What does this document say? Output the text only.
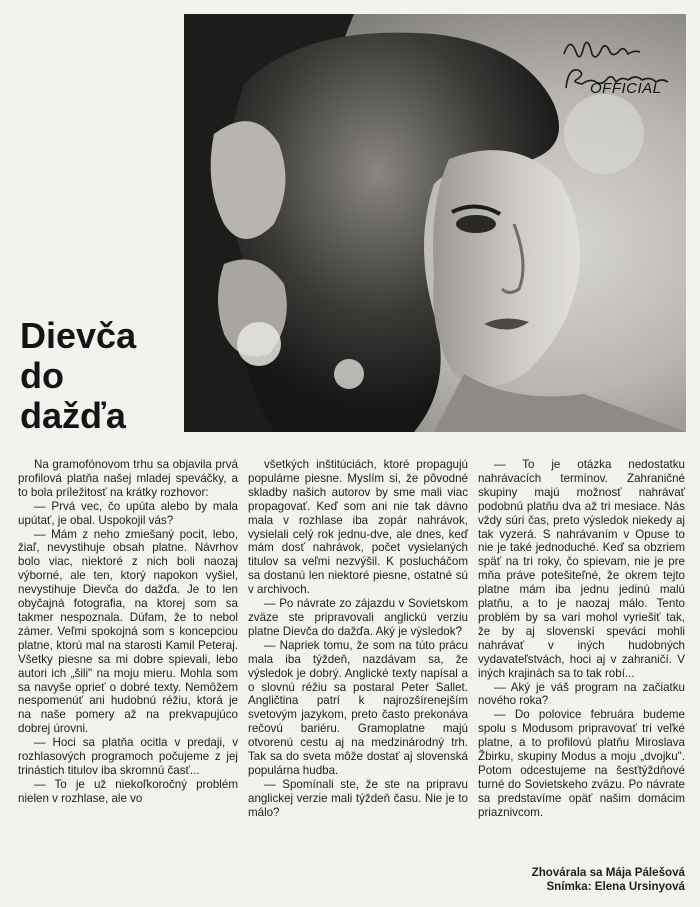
OFFICIAL
Dievča
do
dažďa

Na gramofónovom trhu sa objavila prvá profilová platňa našej mladej speváčky, a to bola príležitosť na krátky rozhovor:

— Prvá vec, čo upúta alebo by mala upútať, je obal. Uspokojil vás?

— Mám z neho zmiešaný pocit, lebo, žiaľ, nevystihuje obsah platne. Návrhov bolo viac, niektoré z nich boli naozaj výborné, ale ten, ktorý napokon vyšiel, nevystihuje Dievča do dažďa. Je to len obyčajná fotografia, na ktorej som sa takmer nespoznala. Dúfam, že to nebol zámer. Veľmi spokojná som s koncepciou platne, ktorú mal na starosti Kamil Peteraj. Všetky piesne sa mi dobre spievali, lebo autori ich „šili" na moju mieru. Mohla som sa navyše oprieť o dobré texty. Nemôžem nespomenúť ani hudobnú réžiu, ktorá je na naše pomery až na prekvapujúco dobrej úrovni.

— Hoci sa platňa ocitla v predaji, v rozhlasových programoch počujeme z jej trinástich titulov iba skromnú časť...

— To je už niekoľkoročný problém nielen v rozhlase, ale vo

všetkých inštitúciách, ktoré propagujú populárne piesne. Myslím si, že pôvodné skladby našich autorov by sme mali viac propagovať. Keď som ani nie tak dávno mala v rozhlase iba zopár nahrávok, vysielali celý rok jednu-dve, ale dnes, keď mám dosť nahrávok, počet vysielaných titulov sa veľmi nezvýšil. K poslucháčom sa dostanú len niektoré piesne, ostatné sú v archivoch.

— Po návrate zo zájazdu v Sovietskom zväze ste pripravovali anglickú verziu platne Dievča do dažďa. Aký je výsledok?

— Napriek tomu, že som na túto prácu mala iba týždeň, nazdávam sa, že výsledok je dobrý. Anglické texty napísal a o slovnú réžiu sa postaral Peter Sallet. Angličtina patrí k najrozšírenejším svetovým jazykom, preto často prekonáva rečovú bariéru. Gramoplatne majú otvorenú cestu aj na medzinárodný trh. Tak sa do sveta môže dostať aj slovenská populárna hudba.

— Spomínali ste, že ste na pripravu anglickej verzie mali týždeň času. Nie je to málo?

— To je otázka nedostatku nahrávacích termínov. Zahraničné skupiny majú možnosť nahrávať podobnú platňu dva až tri mesiace. Nás vždy súri čas, preto výsledok niekedy aj tak vyzerá. S nahrávaním v Opuse to nie je také jednoduché. Keď sa obzriem späť na tri roky, čo spievam, nie je pre mňa práve potešiteľné, že okrem tejto platne mám iba jednu jedinú malú platňu, a to je naozaj málo. Tento problém by sa vari mohol vyriešiť tak, že by aj slovenskí speváci mohli nahrávať v iných hudobných vydavateľstvách, hoci aj v zahraničí. V iných krajinách sa to tak robí...

— Aký je váš program na začiatku nového roka?

— Do polovice februára budeme spolu s Modusom pripravovať tri veľké platne, a to profilovú platňu Miroslava Žbirku, skupiny Modus a moju „dvojku". Potom odcestujeme na šesťtýždňové turné do Sovietskeho zväzu. Po návrate sa predstavíme opäť našim domácim priaznivcom.

Zhovárala sa Mája Pálešová
Snímka: Elena Ursinyová
